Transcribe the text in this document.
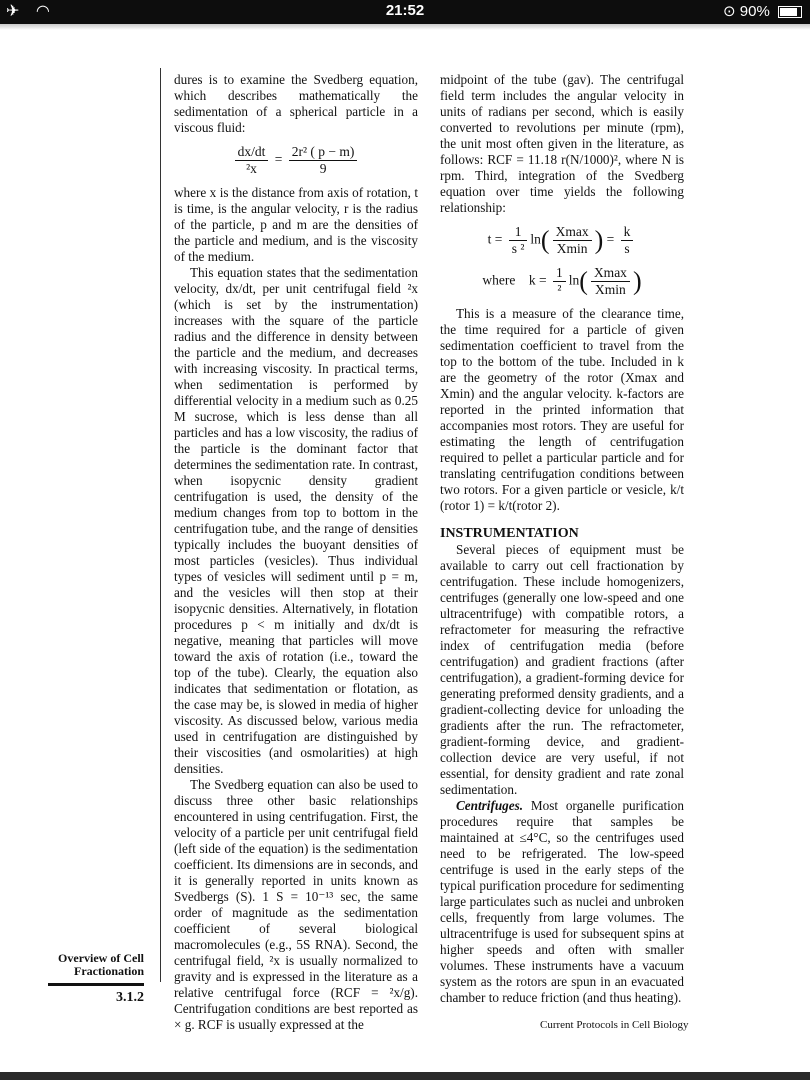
✈ ◠	21:52	⊙ 90%

dures is to examine the Svedberg equation, which describes mathematically the sedimentation of a spherical particle in a viscous fluid:

$\frac{dx/dt}{\text{²x}} = \frac{\text{2r² ( p − m)}}{9}$

where x is the distance from axis of rotation, t is time, is the angular velocity, r is the radius of the particle, p and m are the densities of the particle and medium, and is the viscosity of the medium.

This equation states that the sedimentation velocity, dx/dt, per unit centrifugal field ²x (which is set by the instrumentation) increases with the square of the particle radius and the difference in density between the particle and the medium, and decreases with increasing viscosity. In practical terms, when sedimentation is performed by differential velocity in a medium such as 0.25 M sucrose, which is less dense than all particles and has a low viscosity, the radius of the particle is the dominant factor that determines the sedimentation rate. In contrast, when isopycnic density gradient centrifugation is used, the density of the medium changes from top to bottom in the centrifugation tube, and the range of densities typically includes the buoyant densities of most particles (vesicles). Thus individual types of vesicles will sediment until p = m, and the vesicles will then stop at their isopycnic densities. Alternatively, in flotation procedures p < m initially and dx/dt is negative, meaning that particles will move toward the axis of rotation (i.e., toward the top of the tube). Clearly, the equation also indicates that sedimentation or flotation, as the case may be, is slowed in media of higher viscosity. As discussed below, various media used in centrifugation are distinguished by their viscosities (and osmolarities) at high densities.

The Svedberg equation can also be used to discuss three other basic relationships encountered in using centrifugation. First, the velocity of a particle per unit centrifugal field (left side of the equation) is the sedimentation coefficient. Its dimensions are in seconds, and it is generally reported in units known as Svedbergs (S). 1 S = 10⁻¹³ sec, the same order of magnitude as the sedimentation coefficient of several biological macromolecules (e.g., 5S RNA). Second, the centrifugal field, ²x is usually normalized to gravity and is expressed in the literature as a relative centrifugal force (RCF = ²x/g). Centrifugation conditions are best reported as × g. RCF is usually expressed at the

midpoint of the tube (gav). The centrifugal field term includes the angular velocity in units of radians per second, which is easily converted to revolutions per minute (rpm), the unit most often given in the literature, as follows: RCF = 11.18 r(N/1000)², where N is rpm. Third, integration of the Svedberg equation over time yields the following relationship:

$t = \frac{1}{\text{s ²}} \ln( \frac{Xmax}{Xmin}$ ) = $\frac{k}{s}$
where $k = \frac{1}{\text{²}} \ln( \frac{Xmax}{Xmin}$ )

This is a measure of the clearance time, the time required for a particle of given sedimentation coefficient to travel from the top to the bottom of the tube. Included in k are the geometry of the rotor (Xmax and Xmin) and the angular velocity. k-factors are reported in the printed information that accompanies most rotors. They are useful for estimating the length of centrifugation required to pellet a particular particle and for translating centrifugation conditions between two rotors. For a given particle or vesicle, k/t (rotor 1) = k/t(rotor 2).

INSTRUMENTATION

Several pieces of equipment must be available to carry out cell fractionation by centrifugation. These include homogenizers, centrifuges (generally one low-speed and one ultracentrifuge) with compatible rotors, a refractometer for measuring the refractive index of centrifugation media (before centrifugation) and gradient fractions (after centrifugation), a gradient-forming device for generating preformed density gradients, and a gradient-collecting device for unloading the gradients after the run. The refractometer, gradient-forming device, and gradient-collection device are very useful, if not essential, for density gradient and rate zonal sedimentation.

Centrifuges. Most organelle purification procedures require that samples be maintained at ≤4°C, so the centrifuges used need to be refrigerated. The low-speed centrifuge is used in the early steps of the typical purification procedure for sedimenting large particulates such as nuclei and unbroken cells, frequently from large volumes. The ultracentrifuge is used for subsequent spins at higher speeds and often with smaller volumes. These instruments have a vacuum system as the rotors are spun in an evacuated chamber to reduce friction (and thus heating).

Overview of Cell
Fractionation
3.1.2
Current Protocols in Cell Biology
